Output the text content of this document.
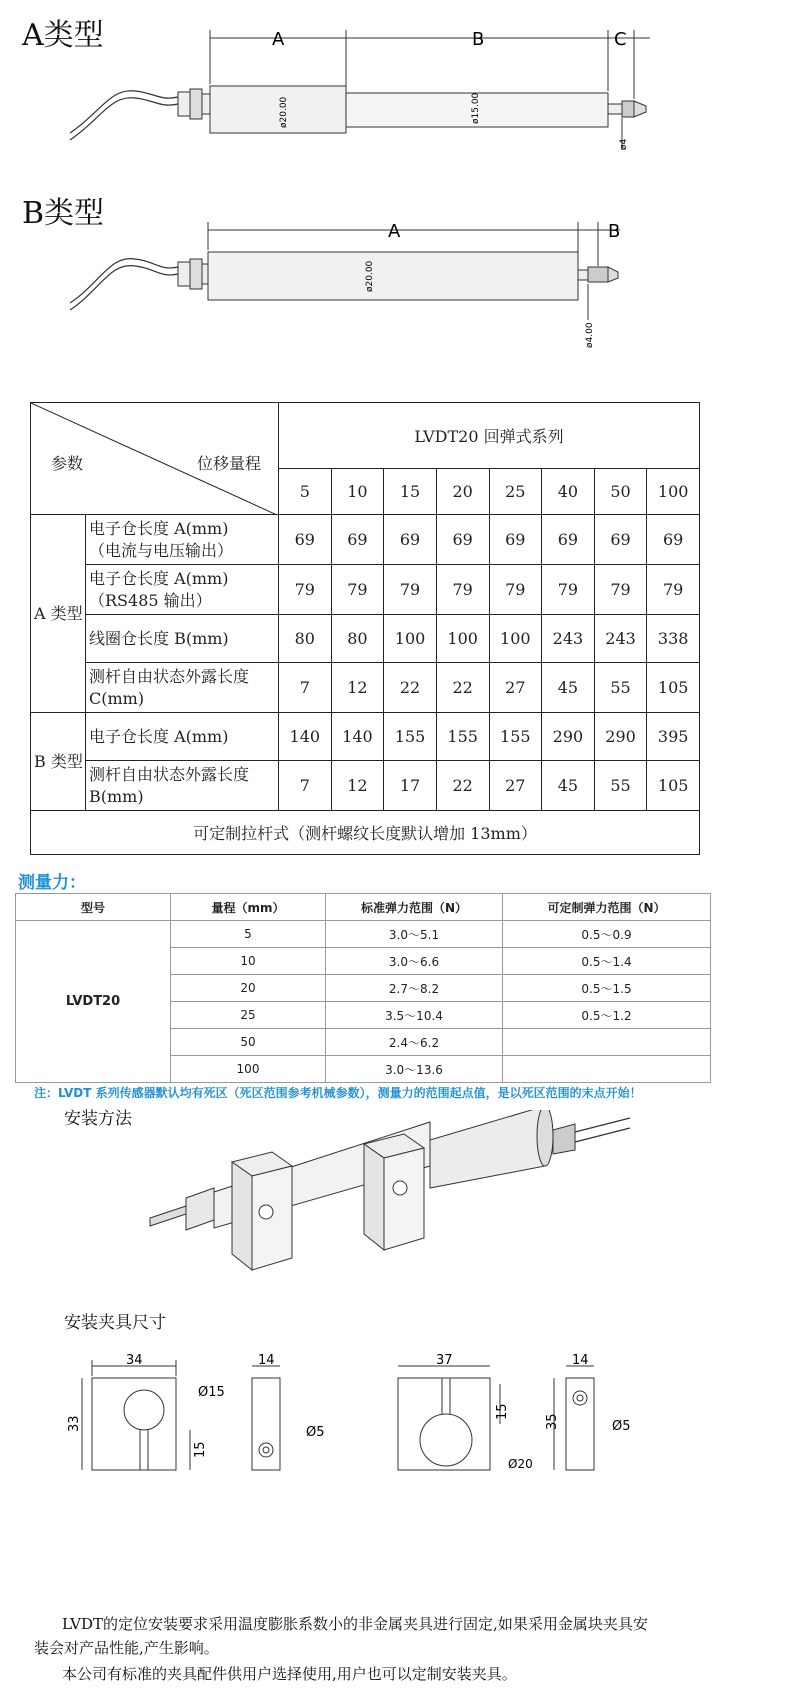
A类型	A	B	C
ø20.00	ø15.00
ø4
B类型
A	B
ø20.00
ø4.00
参数 位移量程		LVDT20 回弹式系列							
		5	10	15	20	25	40	50	100
A 类型	电子仓长度 A(mm)
（电流与电压输出）	69	69	69	69	69	69	69	69

	电子仓长度 A(mm)
（RS485 输出）	79	79	79	79	79	79	79	79

	线圈仓长度 B(mm)	80	80	100	100	100	243	243	338

	测杆自由状态外露长度
C(mm)	7	12	22	22	27	45	55	105
B 类型	电子仓长度 A(mm)	140	140	155	155	155	290	290	395

	测杆自由状态外露长度
B(mm)	7	12	17	22	27	45	55	105
可定制拉杆式（测杆螺纹长度默认增加 13mm）									
测量力：
型号	量程（mm）	标准弹力范围（N）	可定制弹力范围（N）
LVDT20	5	3.0～5.1	0.5～0.9
	10	3.0～6.6	0.5～1.4
	20	2.7～8.2	0.5～1.5
	25	3.5～10.4	0.5～1.2
	50	2.4～6.2	
	100	3.0～13.6	
注：LVDT 系列传感器默认均有死区（死区范围参考机械参数），测量力的范围起点值，是以死区范围的末点开始！
安装方法
安装夹具尺寸
34
33
Ø15
15
14
Ø5
37
35
Ø20
15
14
Ø5
LVDT的定位安装要求采用温度膨胀系数小的非金属夹具进行固定,如果采用金属块夹具安
装会对产品性能,产生影响。
本公司有标准的夹具配件供用户选择使用,用户也可以定制安装夹具。
